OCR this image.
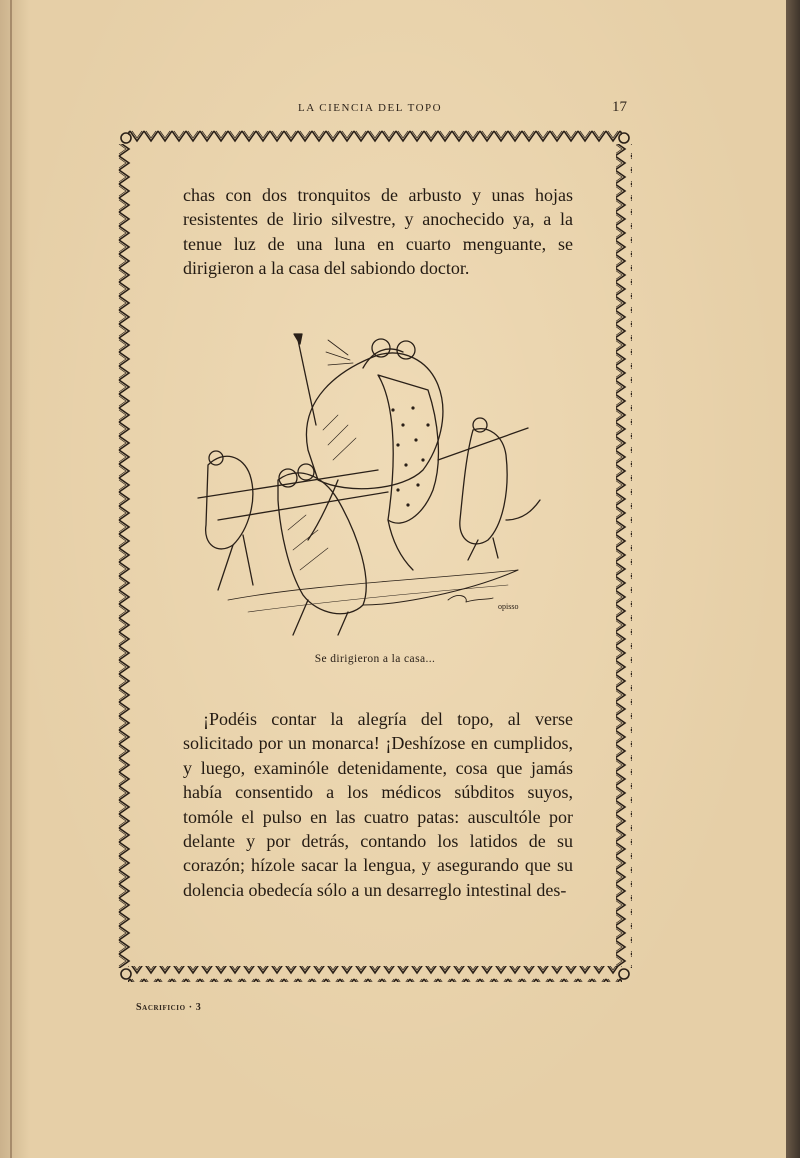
LA CIENCIA DEL TOPO	17

chas con dos tronquitos de arbusto y unas hojas resistentes de lirio silvestre, y anochecido ya, a la tenue luz de una luna en cuarto menguante, se dirigieron a la casa del sabiondo doctor.

opisso
Se dirigieron a la casa...

¡Podéis contar la alegría del topo, al verse solicitado por un monarca! ¡Deshízose en cumplidos, y luego, examinóle detenidamente, cosa que jamás había consentido a los médicos súbditos suyos, tomóle el pulso en las cuatro patas: auscultóle por delante y por detrás, contando los latidos de su corazón; hízole sacar la lengua, y asegurando que su dolencia obedecía sólo a un desarreglo intestinal des-

Sacrificio · 3
